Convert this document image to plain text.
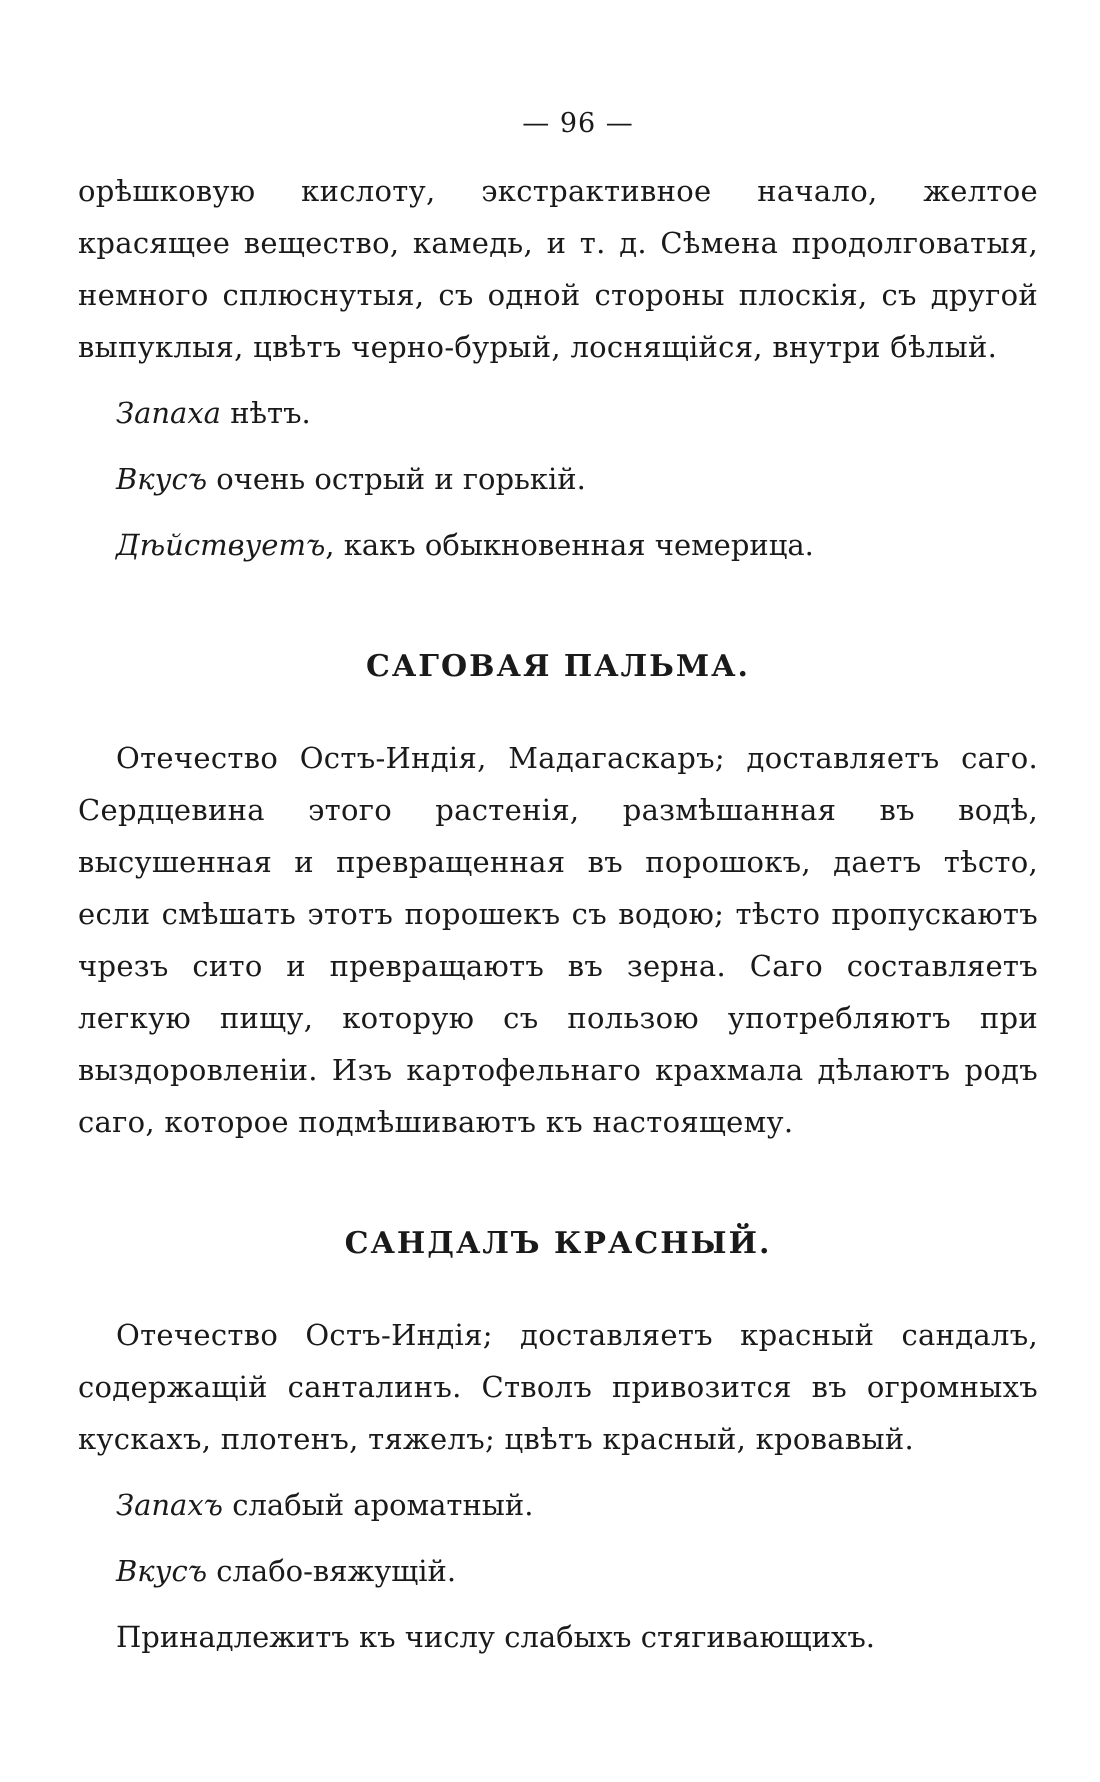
— 96 —

орѣшковую кислоту, экстрактивное начало, желтое красящее вещество, камедь, и т. д. Сѣмена продолговатыя, немного сплюснутыя, съ одной стороны плоскія, съ другой выпуклыя, цвѣтъ черно-бурый, лоснящійся, внутри бѣлый.

Запаха нѣтъ.

Вкусъ очень острый и горькій.

Дѣйствуетъ, какъ обыкновенная чемерица.

САГОВАЯ ПАЛЬМА.

Отечество Остъ-Индія, Мадагаскаръ; доставляетъ саго. Сердцевина этого растенія, размѣшанная въ водѣ, высушенная и превращенная въ порошокъ, даетъ тѣсто, если смѣшать этотъ порошекъ съ водою; тѣсто пропускаютъ чрезъ сито и превращаютъ въ зерна. Саго составляетъ легкую пищу, которую съ пользою употребляютъ при выздоровленіи. Изъ картофельнаго крахмала дѣлаютъ родъ саго, которое подмѣшиваютъ къ настоящему.

САНДАЛЪ КРАСНЫЙ.

Отечество Остъ-Индія; доставляетъ красный сандалъ, содержащій санталинъ. Стволъ привозится въ огромныхъ кускахъ, плотенъ, тяжелъ; цвѣтъ красный, кровавый.

Запахъ слабый ароматный.

Вкусъ слабо-вяжущій.

Принадлежитъ къ числу слабыхъ стягивающихъ.
